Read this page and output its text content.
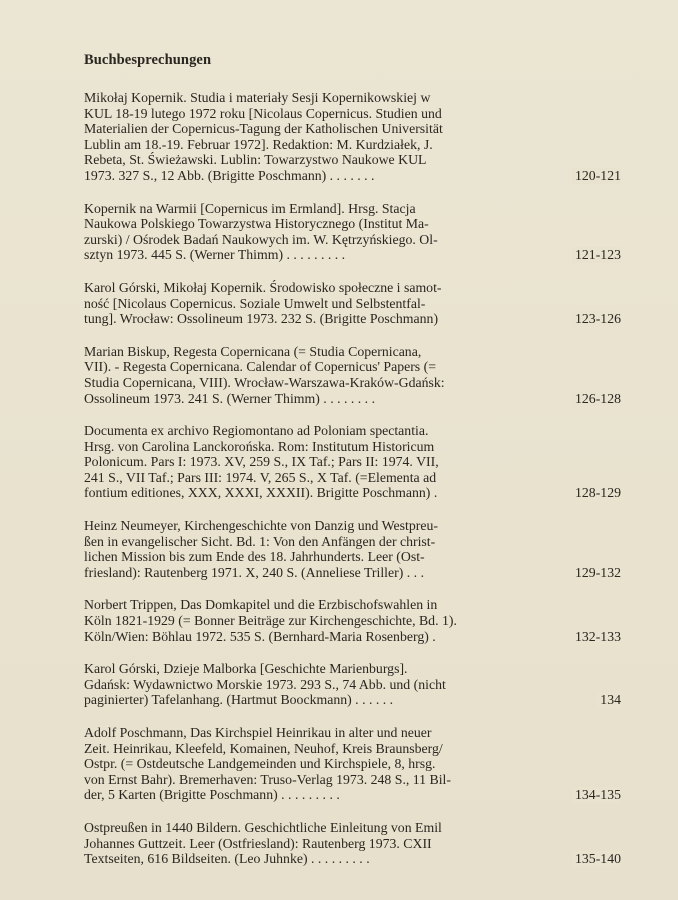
Buchbesprechungen
Mikołaj Kopernik. Studia i materiały Sesji Kopernikowskiej w
KUL 18-19 lutego 1972 roku [Nicolaus Copernicus. Studien und
Materialien der Copernicus-Tagung der Katholischen Universität
Lublin am 18.-19. Februar 1972]. Redaktion: M. Kurdziałek, J.
Rebeta, St. Świeżawski. Lublin: Towarzystwo Naukowe KUL
1973. 327 S., 12 Abb. (Brigitte Poschmann) . . . . . . .	120-121
Kopernik na Warmii [Copernicus im Ermland]. Hrsg. Stacja
Naukowa Polskiego Towarzystwa Historycznego (Institut Ma-
zurski) / Ośrodek Badań Naukowych im. W. Kętrzyńskiego. Ol-
sztyn 1973. 445 S. (Werner Thimm) . . . . . . . . .	121-123
Karol Górski, Mikołaj Kopernik. Środowisko społeczne i samot-
ność [Nicolaus Copernicus. Soziale Umwelt und Selbstentfal-
tung]. Wrocław: Ossolineum 1973. 232 S. (Brigitte Poschmann)	123-126
Marian Biskup, Regesta Copernicana (= Studia Copernicana,
VII). - Regesta Copernicana. Calendar of Copernicus' Papers (=
Studia Copernicana, VIII). Wrocław-Warszawa-Kraków-Gdańsk:
Ossolineum 1973. 241 S. (Werner Thimm) . . . . . . . .	126-128
Documenta ex archivo Regiomontano ad Poloniam spectantia.
Hrsg. von Carolina Lanckorońska. Rom: Institutum Historicum
Polonicum. Pars I: 1973. XV, 259 S., IX Taf.; Pars II: 1974. VII,
241 S., VII Taf.; Pars III: 1974. V, 265 S., X Taf. (=Elementa ad
fontium editiones, XXX, XXXI, XXXII). Brigitte Poschmann) .	128-129
Heinz Neumeyer, Kirchengeschichte von Danzig und Westpreu-
ßen in evangelischer Sicht. Bd. 1: Von den Anfängen der christ-
lichen Mission bis zum Ende des 18. Jahrhunderts. Leer (Ost-
friesland): Rautenberg 1971. X, 240 S. (Anneliese Triller) . . .	129-132
Norbert Trippen, Das Domkapitel und die Erzbischofswahlen in
Köln 1821-1929 (= Bonner Beiträge zur Kirchengeschichte, Bd. 1).
Köln/Wien: Böhlau 1972. 535 S. (Bernhard-Maria Rosenberg) .	132-133
Karol Górski, Dzieje Malborka [Geschichte Marienburgs].
Gdańsk: Wydawnictwo Morskie 1973. 293 S., 74 Abb. und (nicht
paginierter) Tafelanhang. (Hartmut Boockmann) . . . . . .	134
Adolf Poschmann, Das Kirchspiel Heinrikau in alter und neuer
Zeit. Heinrikau, Kleefeld, Komainen, Neuhof, Kreis Braunsberg/
Ostpr. (= Ostdeutsche Landgemeinden und Kirchspiele, 8, hrsg.
von Ernst Bahr). Bremerhaven: Truso-Verlag 1973. 248 S., 11 Bil-
der, 5 Karten (Brigitte Poschmann) . . . . . . . . .	134-135
Ostpreußen in 1440 Bildern. Geschichtliche Einleitung von Emil
Johannes Guttzeit. Leer (Ostfriesland): Rautenberg 1973. CXII
Textseiten, 616 Bildseiten. (Leo Juhnke) . . . . . . . . .	135-140
